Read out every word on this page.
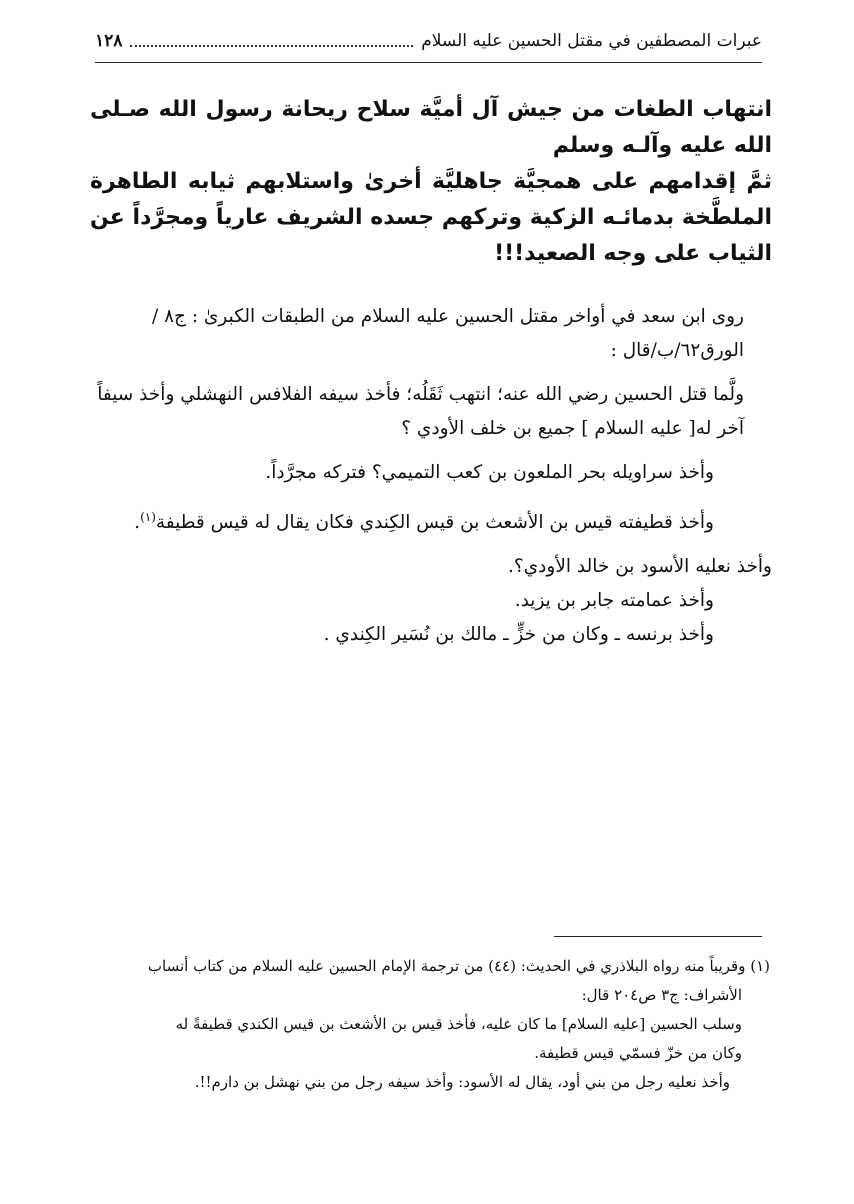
عبرات المصطفين في مقتل الحسين عليه السلام
١٢٨

انتهاب الطغات من جيش آل أميَّة سلاح ريحانة رسول الله صـلى الله عليه وآلـه وسلم

ثمَّ إقدامهم على همجيَّة جاهليَّة أخرىٰ واستلابهم ثيابه الطاهرة الملطَّخة بدمائـه الزكية وتركهم جسده الشريف عارياً ومجرَّداً عن الثياب على وجه الصعيد!!!

روى ابن سعد في أواخر مقتل الحسين عليه السلام من الطبقات الكبرىٰ : ج٨ / الورق٦٢/ب/قال :

ولَّما قتل الحسين رضي الله عنه؛ انتهب ثَقَلُه؛ فأخذ سيفه الفلافس النهشلي وأخذ سيفاً آخر له[ عليه السلام ] جميع بن خلف الأودي ؟

وأخذ سراويله بحر الملعون بن كعب التميمي؟ فتركه مجرَّداً.

وأخذ قطيفته قيس بن الأشعث بن قيس الكِندي فكان يقال له قيس قطيفة$^{(١)}$.

وأخذ نعليه الأسود بن خالد الأودي؟.

وأخذ عمامته جابر بن يزيد.

وأخذ برنسه ـ وكان من خزٍّ ـ مالك بن نُسَير الكِندي .

(١) وقريباً منه رواه البلاذري في الحديث: (٤٤) من ترجمة الإمام الحسين عليه السلام من كتاب أنساب

الأشراف: ج٣ ص٢٠٤ قال:

وسلب الحسين [عليه السلام] ما كان عليه، فأخذ قيس بن الأشعث بن قيس الكندي قطيفةً له

وكان من خزّ فسمّي قيس قطيفة.

وأخذ نعليه رجل من بني أود، يقال له الأسود: وأخذ سيفه رجل من بني نهشل بن دارم!!.
